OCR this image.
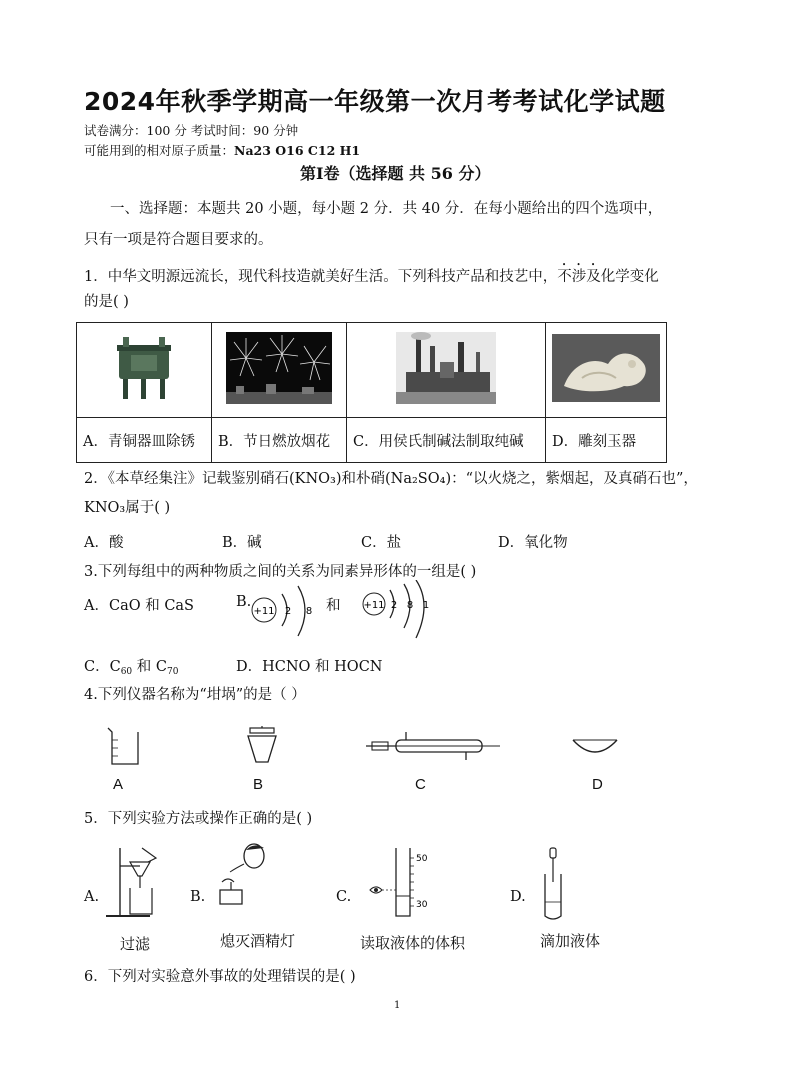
2024年秋季学期高一年级第一次月考考试化学试题
试卷满分：100 分 考试时间：90 分钟
可能用到的相对原子质量：Na23 O16 C12 H1
第Ⅰ卷（选择题 共 56 分）
一、选择题：本题共 20 小题，每小题 2 分．共 40 分．在每小题给出的四个选项中，
只有一项是符合题目要求的。
1．中华文明源远流长，现代科技造就美好生活。下列科技产品和技艺中，不涉及化学变化
的是( )

A．青铜器皿除锈	B．节日燃放烟花	C．用侯氏制碱法制取纯碱	D．雕刻玉器
2．《本草经集注》记载鉴别硝石(KNO₃)和朴硝(Na₂SO₄)：“以火烧之，紫烟起，及真硝石也”，
KNO₃属于( )
A．酸	B．碱	C．盐	D．氧化物
3.下列每组中的两种物质之间的关系为同素异形体的一组是( )
A．CaO 和 CaS	B.
+11 2 8 和 +11 2 8 1
C．$C_{60}$ 和 $C_{70}$	D．HCNO 和 HOCN
4.下列仪器名称为“坩埚”的是（ ）
A	B	C	D
5．下列实验方法或操作正确的是( )
A.
过滤
B.
熄灭酒精灯
C.
50
30
读取液体的体积
D.
滴加液体
6．下列对实验意外事故的处理错误的是( )
1
